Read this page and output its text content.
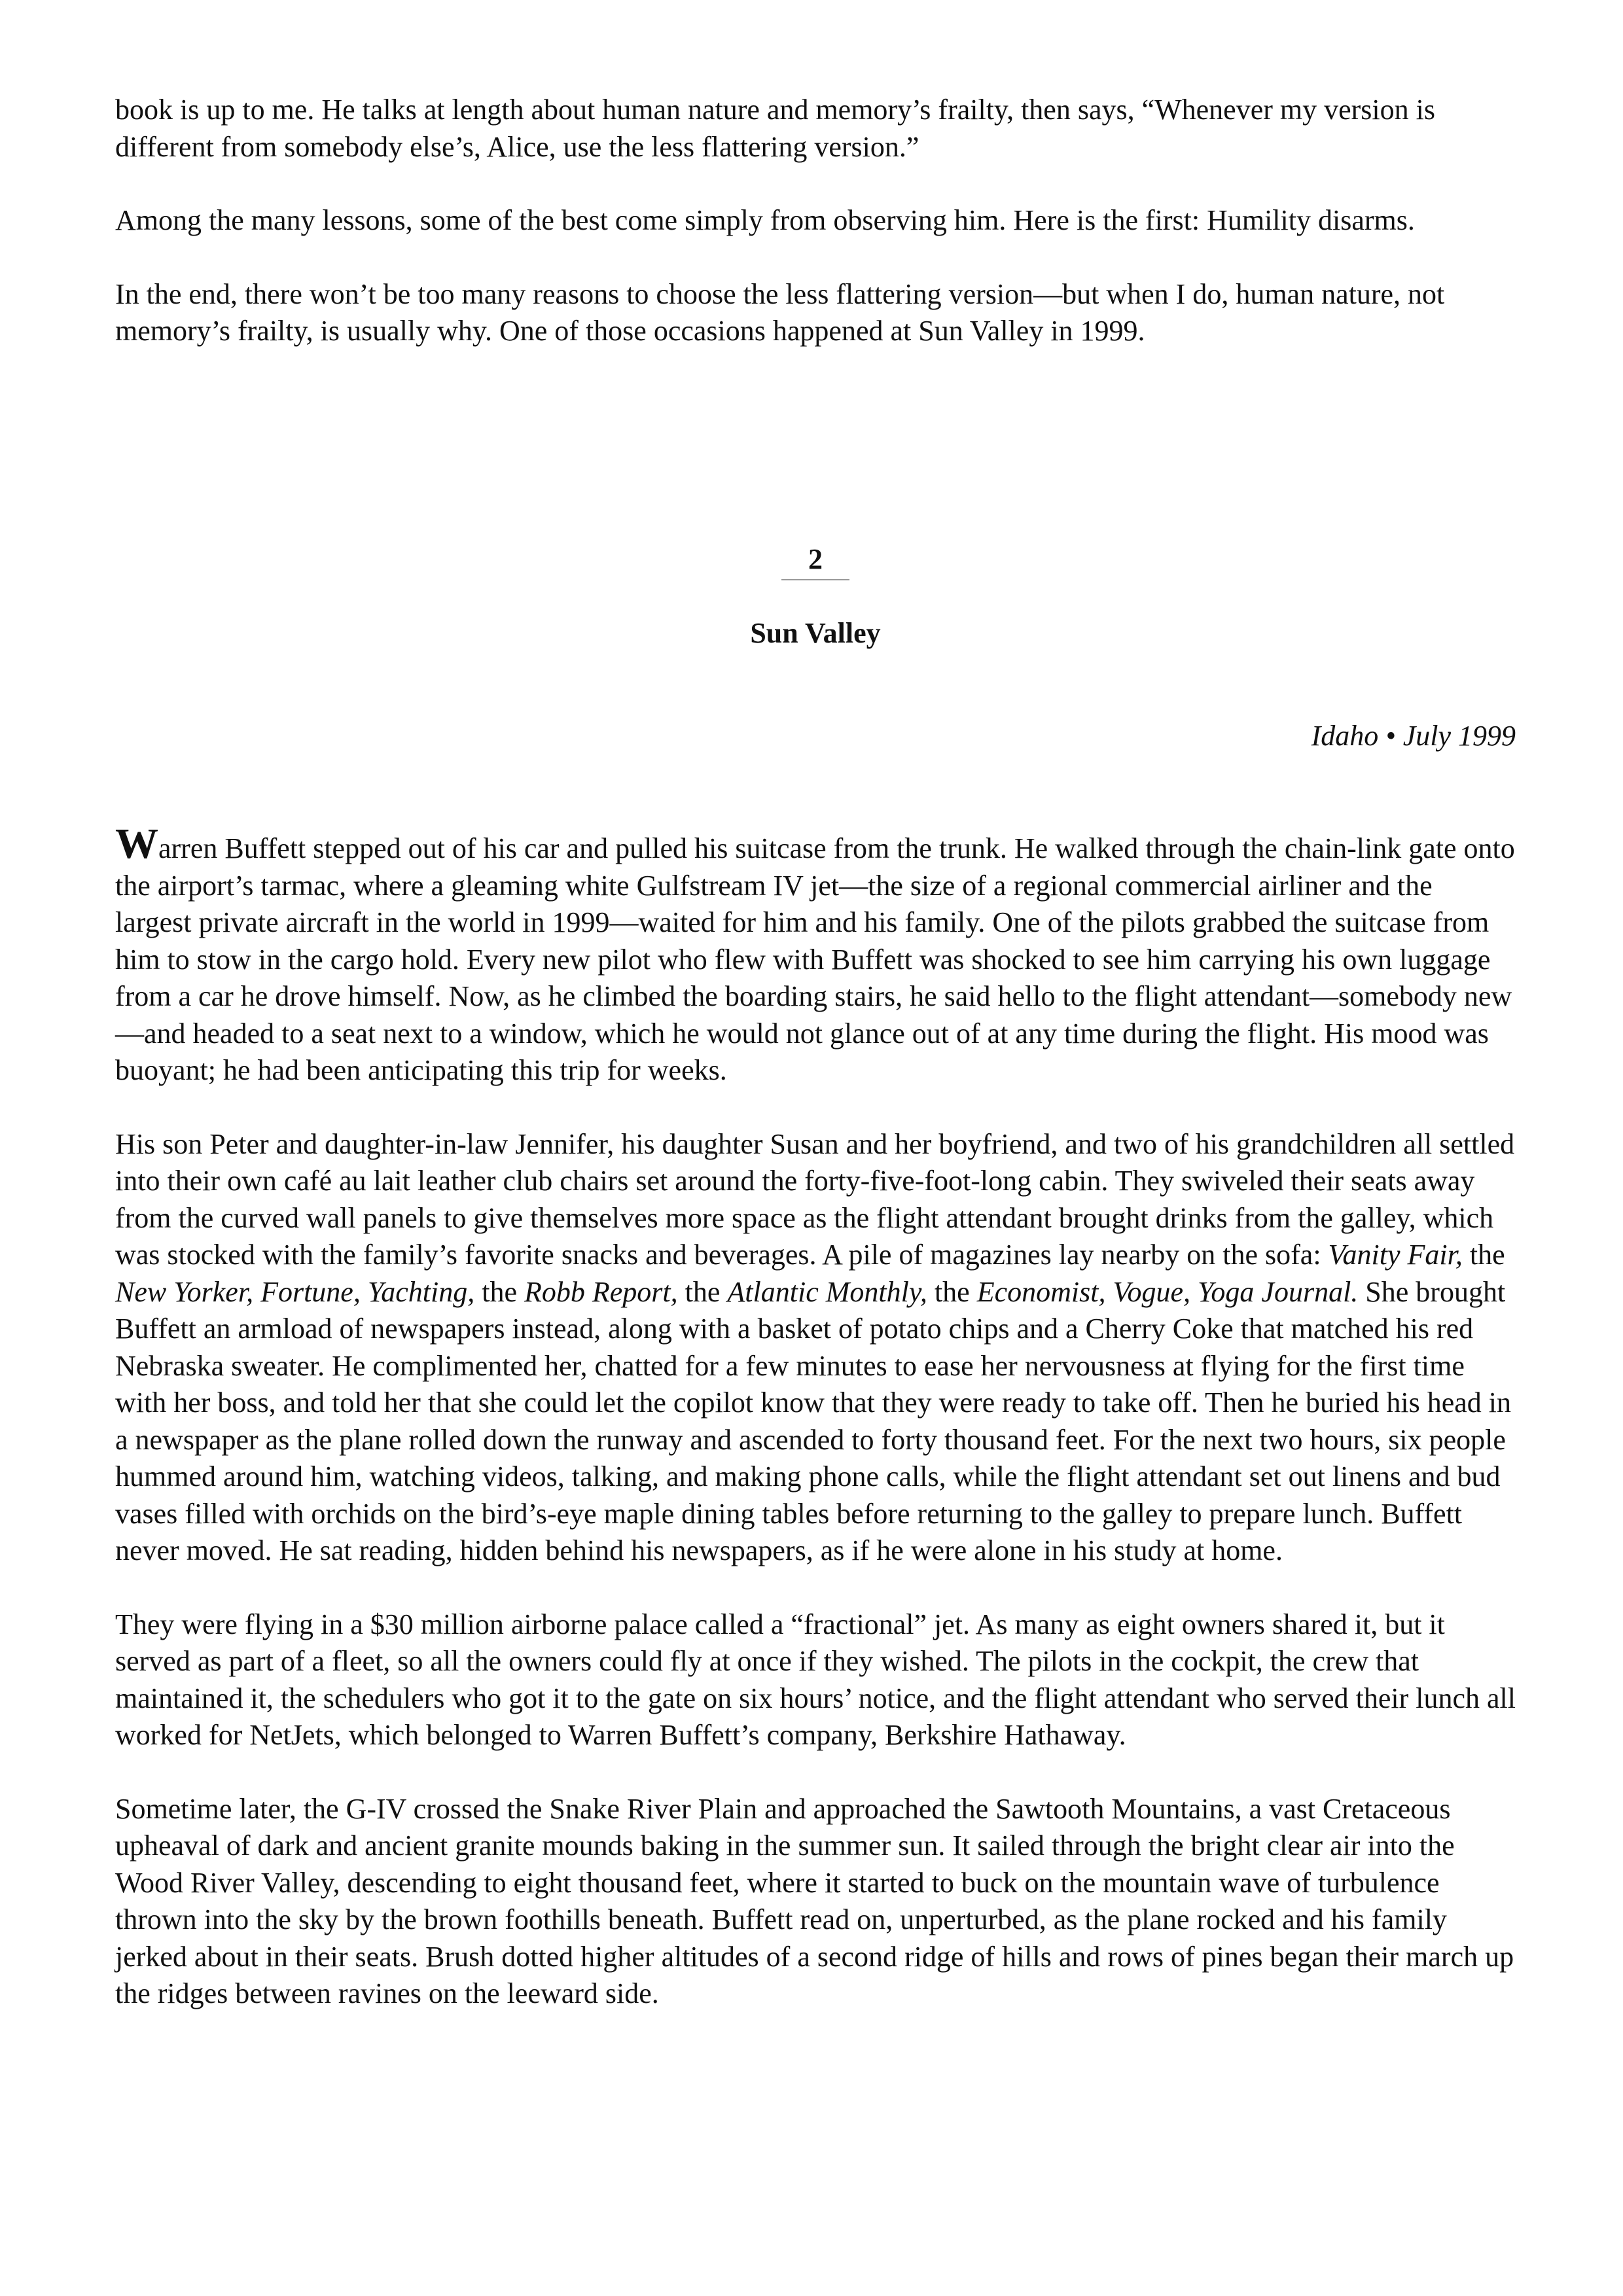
book is up to me. He talks at length about human nature and memory’s frailty, then says, “Whenever my version is different from somebody else’s, Alice, use the less flattering version.”

Among the many lessons, some of the best come simply from observing him. Here is the first: Humility disarms.

In the end, there won’t be too many reasons to choose the less flattering version—but when I do, human nature, not memory’s frailty, is usually why. One of those occasions happened at Sun Valley in 1999.

2
Sun Valley
Idaho • July 1999

Warren Buffett stepped out of his car and pulled his suitcase from the trunk. He walked through the chain-link gate onto the airport’s tarmac, where a gleaming white Gulfstream IV jet—the size of a regional commercial airliner and the largest private aircraft in the world in 1999—waited for him and his family. One of the pilots grabbed the suitcase from him to stow in the cargo hold. Every new pilot who flew with Buffett was shocked to see him carrying his own luggage from a car he drove himself. Now, as he climbed the boarding stairs, he said hello to the flight attendant—somebody new—and headed to a seat next to a window, which he would not glance out of at any time during the flight. His mood was buoyant; he had been anticipating this trip for weeks.

His son Peter and daughter-in-law Jennifer, his daughter Susan and her boyfriend, and two of his grandchildren all settled into their own café au lait leather club chairs set around the forty-five-foot-long cabin. They swiveled their seats away from the curved wall panels to give themselves more space as the flight attendant brought drinks from the galley, which was stocked with the family’s favorite snacks and beverages. A pile of magazines lay nearby on the sofa: Vanity Fair, the New Yorker, Fortune, Yachting, the Robb Report, the Atlantic Monthly, the Economist, Vogue, Yoga Journal. She brought Buffett an armload of newspapers instead, along with a basket of potato chips and a Cherry Coke that matched his red Nebraska sweater. He complimented her, chatted for a few minutes to ease her nervousness at flying for the first time with her boss, and told her that she could let the copilot know that they were ready to take off. Then he buried his head in a newspaper as the plane rolled down the runway and ascended to forty thousand feet. For the next two hours, six people hummed around him, watching videos, talking, and making phone calls, while the flight attendant set out linens and bud vases filled with orchids on the bird’s-eye maple dining tables before returning to the galley to prepare lunch. Buffett never moved. He sat reading, hidden behind his newspapers, as if he were alone in his study at home.

They were flying in a $30 million airborne palace called a “fractional” jet. As many as eight owners shared it, but it served as part of a fleet, so all the owners could fly at once if they wished. The pilots in the cockpit, the crew that maintained it, the schedulers who got it to the gate on six hours’ notice, and the flight attendant who served their lunch all worked for NetJets, which belonged to Warren Buffett’s company, Berkshire Hathaway.

Sometime later, the G-IV crossed the Snake River Plain and approached the Sawtooth Mountains, a vast Cretaceous upheaval of dark and ancient granite mounds baking in the summer sun. It sailed through the bright clear air into the Wood River Valley, descending to eight thousand feet, where it started to buck on the mountain wave of turbulence thrown into the sky by the brown foothills beneath. Buffett read on, unperturbed, as the plane rocked and his family jerked about in their seats. Brush dotted higher altitudes of a second ridge of hills and rows of pines began their march up the ridges between ravines on the leeward side.
